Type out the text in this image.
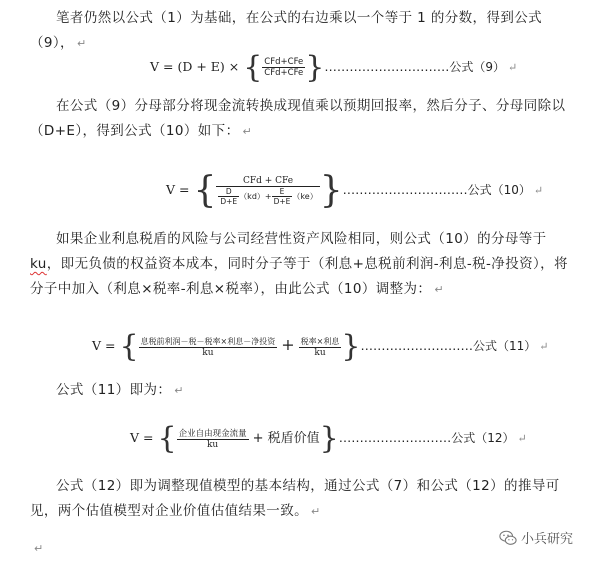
笔者仍然以公式（1）为基础，在公式的右边乘以一个等于 1 的分数，得到公式（9）， ↵
V = (D + E) × { $\frac{\text{CFd+CFe}}{\text{CFd+CFe}}$ }…………………………公式（9） ↵
在公式（9）分母部分将现金流转换成现值乘以预期回报率，然后分子、分母同除以（D+E），得到公式（10）如下： ↵
V = { $\frac{\text{CFd + CFe}}{\frac{D}{D+E} (kd)+ \frac{E}{D+E} (ke)}$ }…………………………公式（10） ↵
如果企业利息税盾的风险与公司经营性资产风险相同，则公式（10）的分母等于 ku，即无负债的权益资本成本，同时分子等于（利息+息税前利润-利息-税-净投资），将分子中加入（利息×税率-利息×税率），由此公式（10）调整为： ↵
V = { $\frac{\text{息税前利润－税－税率×利息－净投资}}{ku} + \frac{\text{税率×利息}}{ku}$ }………………………公式（11） ↵
公式（11）即为： ↵
V = { $\frac{\text{企业自由现金流量}}{ku}$ + 税盾价值}………………………公式（12） ↵
公式（12）即为调整现值模型的基本结构，通过公式（7）和公式（12）的推导可见，两个估值模型对企业价值估值结果一致。 ↵
↵
小兵研究
